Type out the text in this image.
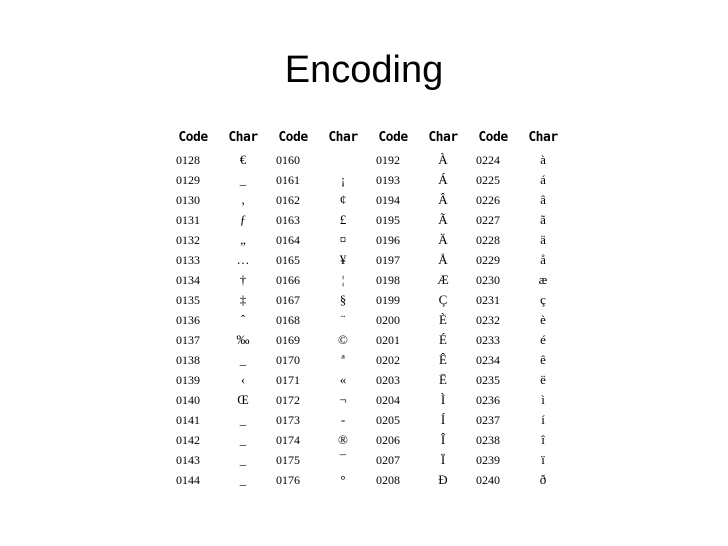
Encoding
Code	Char	Code	Char	Code	Char	Code	Char
0128	€	0160		0192	À	0224	à
0129	_	0161	¡	0193	Á	0225	á
0130	‚	0162	¢	0194	Â	0226	â
0131	ƒ	0163	£	0195	Ã	0227	ã
0132	„	0164	¤	0196	Ä	0228	ä
0133	…	0165	¥	0197	Å	0229	å
0134	†	0166	¦	0198	Æ	0230	æ
0135	‡	0167	§	0199	Ç	0231	ç
0136	ˆ	0168	¨	0200	È	0232	è
0137	‰	0169	©	0201	É	0233	é
0138	_	0170	ª	0202	Ê	0234	ê
0139	‹	0171	«	0203	Ë	0235	ë
0140	Œ	0172	¬	0204	Ì	0236	ì
0141	_	0173	-	0205	Í	0237	í
0142	_	0174	®	0206	Î	0238	î
0143	_	0175	¯	0207	Ï	0239	ï
0144	_	0176	°	0208	Ð	0240	ð
